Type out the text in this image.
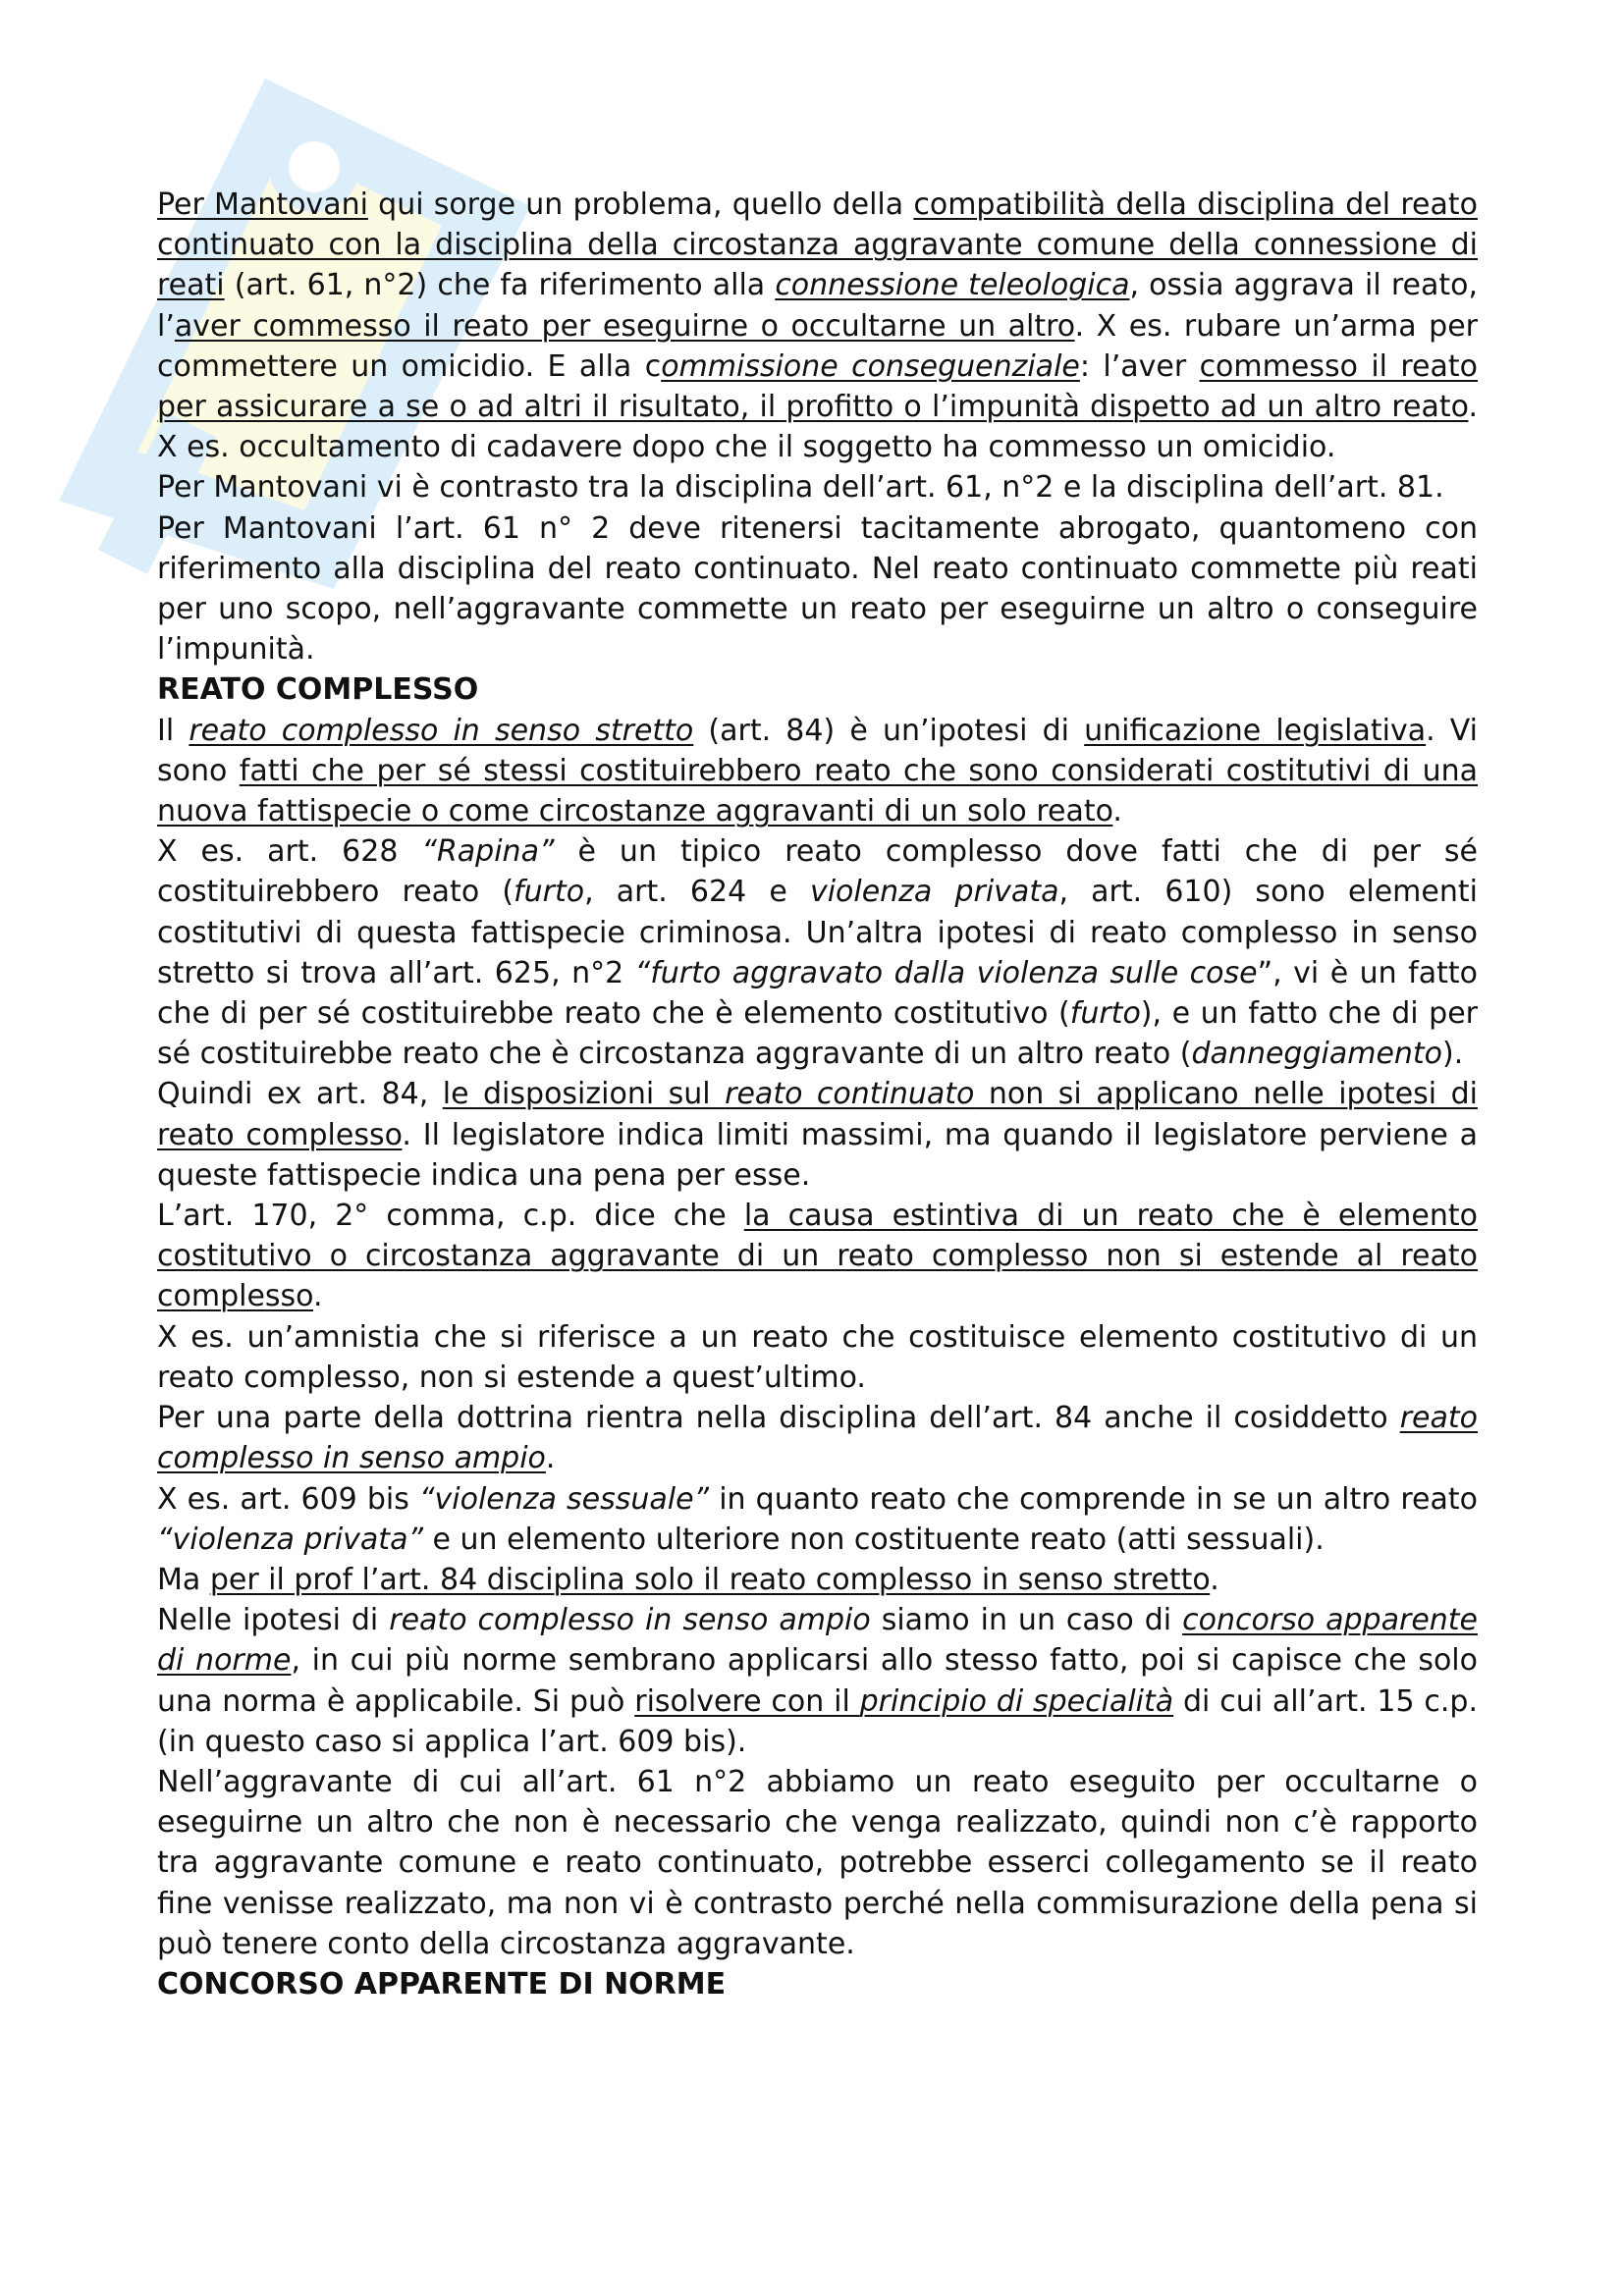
Per Mantovani qui sorge un problema, quello della compatibilità della disciplina del reato continuato con la disciplina della circostanza aggravante comune della connessione di reati (art. 61, n°2) che fa riferimento alla connessione teleologica, ossia aggrava il reato, l’aver commesso il reato per eseguirne o occultarne un altro. X es. rubare un’arma per commettere un omicidio. E alla commissione conseguenziale: l’aver commesso il reato per assicurare a se o ad altri il risultato, il profitto o l’impunità dispetto ad un altro reato. X es. occultamento di cadavere dopo che il soggetto ha commesso un omicidio.

Per Mantovani vi è contrasto tra la disciplina dell’art. 61, n°2 e la disciplina dell’art. 81.

Per Mantovani l’art. 61 n° 2 deve ritenersi tacitamente abrogato, quantomeno con riferimento alla disciplina del reato continuato. Nel reato continuato commette più reati per uno scopo, nell’aggravante commette un reato per eseguirne un altro o conseguire l’impunità.

REATO COMPLESSO

Il reato complesso in senso stretto (art. 84) è un’ipotesi di unificazione legislativa. Vi sono fatti che per sé stessi costituirebbero reato che sono considerati costitutivi di una nuova fattispecie o come circostanze aggravanti di un solo reato.

X es. art. 628 “Rapina” è un tipico reato complesso dove fatti che di per sé costituirebbero reato (furto, art. 624 e violenza privata, art. 610) sono elementi costitutivi di questa fattispecie criminosa. Un’altra ipotesi di reato complesso in senso stretto si trova all’art. 625, n°2 “furto aggravato dalla violenza sulle cose”, vi è un fatto che di per sé costituirebbe reato che è elemento costitutivo (furto), e un fatto che di per sé costituirebbe reato che è circostanza aggravante di un altro reato (danneggiamento).

Quindi ex art. 84, le disposizioni sul reato continuato non si applicano nelle ipotesi di reato complesso. Il legislatore indica limiti massimi, ma quando il legislatore perviene a queste fattispecie indica una pena per esse.

L’art. 170, 2° comma, c.p. dice che la causa estintiva di un reato che è elemento costitutivo o circostanza aggravante di un reato complesso non si estende al reato complesso.

X es. un’amnistia che si riferisce a un reato che costituisce elemento costitutivo di un reato complesso, non si estende a quest’ultimo.

Per una parte della dottrina rientra nella disciplina dell’art. 84 anche il cosiddetto reato complesso in senso ampio.

X es. art. 609 bis “violenza sessuale” in quanto reato che comprende in se un altro reato “violenza privata” e un elemento ulteriore non costituente reato (atti sessuali).

Ma per il prof l’art. 84 disciplina solo il reato complesso in senso stretto.

Nelle ipotesi di reato complesso in senso ampio siamo in un caso di concorso apparente di norme, in cui più norme sembrano applicarsi allo stesso fatto, poi si capisce che solo una norma è applicabile. Si può risolvere con il principio di specialità di cui all’art. 15 c.p. (in questo caso si applica l’art. 609 bis).

Nell’aggravante di cui all’art. 61 n°2 abbiamo un reato eseguito per occultarne o eseguirne un altro che non è necessario che venga realizzato, quindi non c’è rapporto tra aggravante comune e reato continuato, potrebbe esserci collegamento se il reato fine venisse realizzato, ma non vi è contrasto perché nella commisurazione della pena si può tenere conto della circostanza aggravante.

CONCORSO APPARENTE DI NORME
